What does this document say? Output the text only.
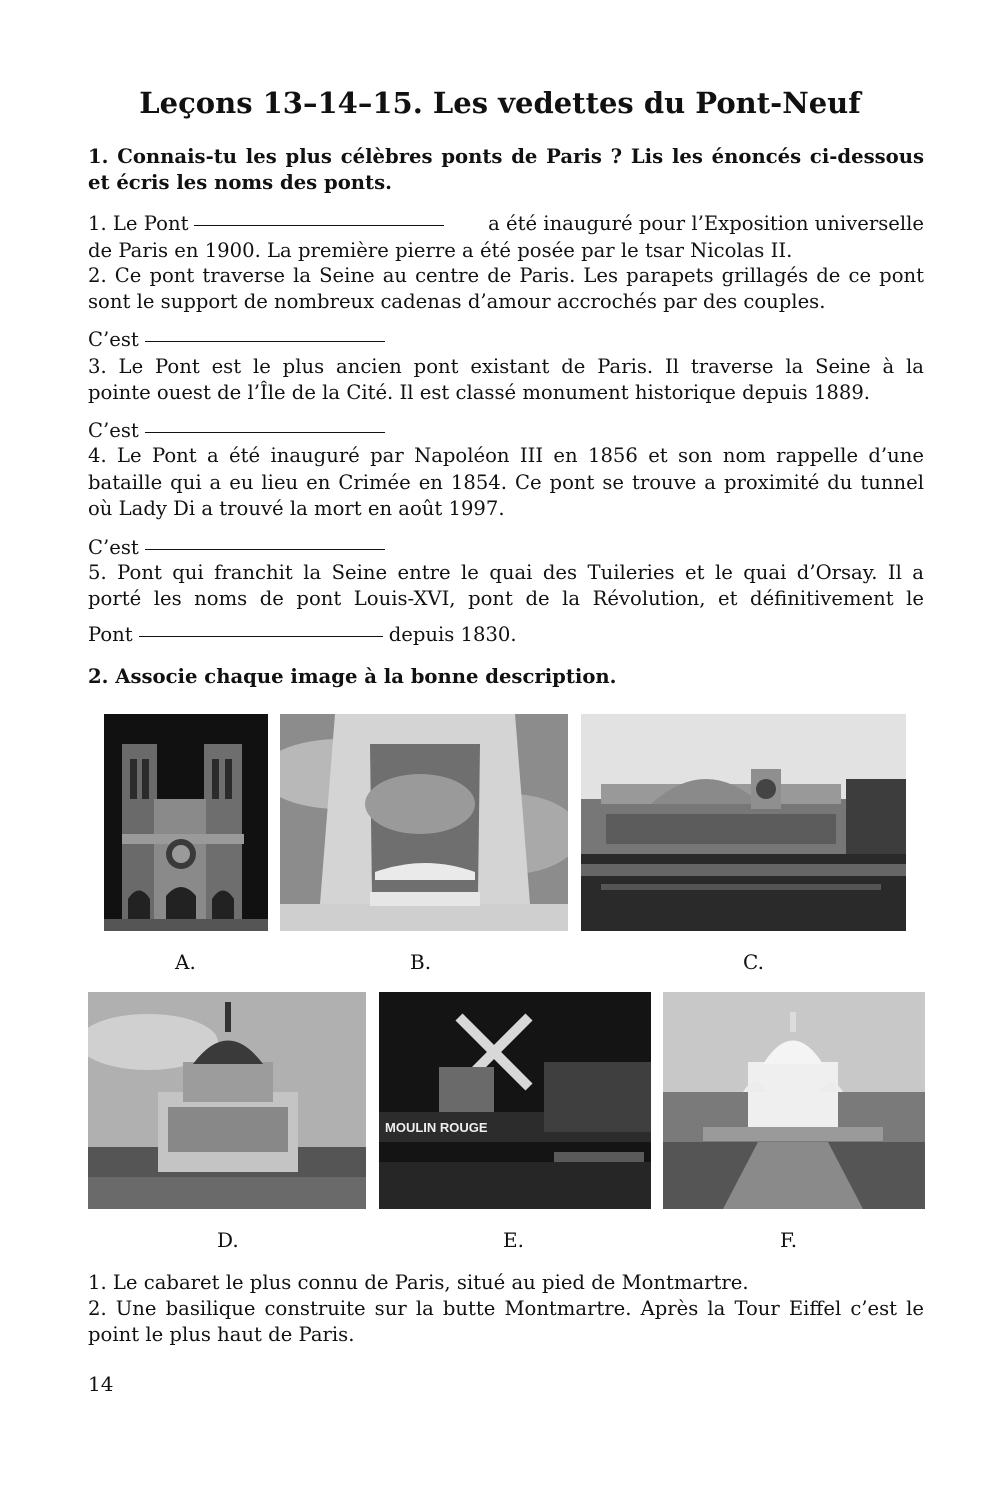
Leçons 13–14–15. Les vedettes du Pont-Neuf
1. Connais-tu les plus célèbres ponts de Paris ? Lis les énoncés ci-dessous
et écris les noms des ponts.
1. Le Pont	a été inauguré pour l’Exposition universelle
de Paris en 1900. La première pierre a été posée par le tsar Nicolas II.
2. Ce pont traverse la Seine au centre de Paris. Les parapets grillagés de ce pont
sont le support de nombreux cadenas d’amour accrochés par des couples.
C’est
3. Le Pont est le plus ancien pont existant de Paris. Il traverse la Seine à la
pointe ouest de l’Île de la Cité. Il est classé monument historique depuis 1889.
C’est
4. Le Pont a été inauguré par Napoléon III en 1856 et son nom rappelle d’une
bataille qui a eu lieu en Crimée en 1854. Ce pont se trouve a proximité du tunnel
où Lady Di a trouvé la mort en août 1997.
C’est
5. Pont qui franchit la Seine entre le quai des Tuileries et le quai d’Orsay. Il a
porté les noms de pont Louis-XVI, pont de la Révolution, et définitivement le
Pont	depuis 1830.
2. Associe chaque image à la bonne description.
A.	B.	C.
MOULIN ROUGE
D.	E.	F.
1. Le cabaret le plus connu de Paris, situé au pied de Montmartre.
2. Une basilique construite sur la butte Montmartre. Après la Tour Eiffel c’est le
point le plus haut de Paris.
14
